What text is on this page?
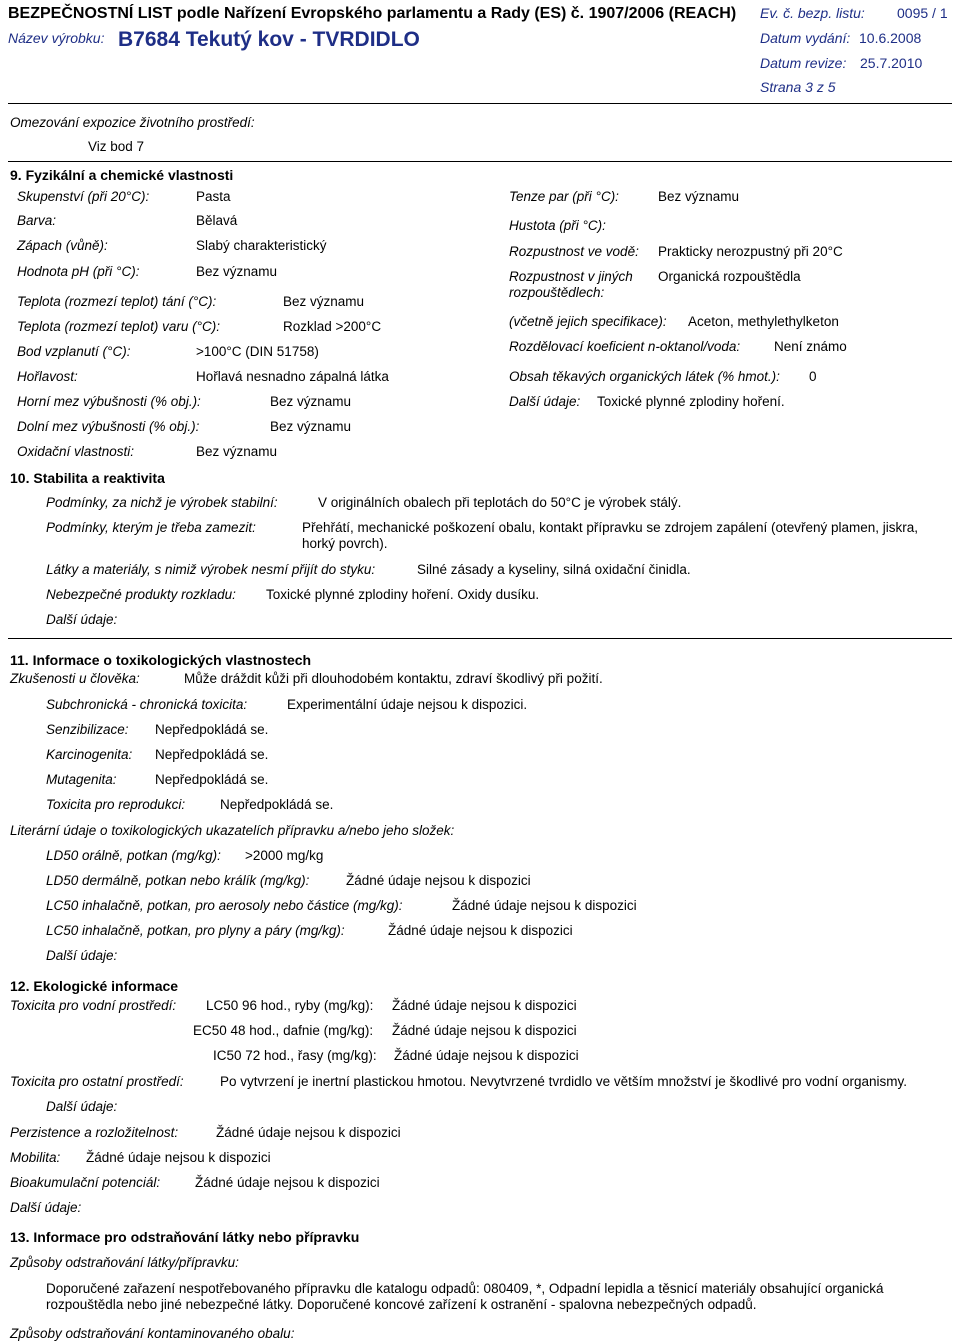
BEZPEČNOSTNÍ LIST podle Nařízení Evropského parlamentu a Rady (ES) č. 1907/2006 (REACH) Ev. č. bezp. listu: 0095 / 1
Název výrobku: B7684 Tekutý kov - TVRDIDLO	Datum vydání: 10.6.2008
Datum revize: 25.7.2010
Strana 3 z 5
Omezování expozice životního prostředí:
Viz bod 7
9. Fyzikální a chemické vlastnosti
Skupenství (při 20°C):	Pasta
Barva:	Bělavá
Zápach (vůně):	Slabý charakteristický
Hodnota pH (při °C):	Bez významu
Teplota (rozmezí teplot) tání (°C):	Bez významu
Teplota (rozmezí teplot) varu (°C):	Rozklad >200°C
Bod vzplanutí (°C):	>100°C (DIN 51758)
Hořlavost:	Hořlavá nesnadno zápalná látka
Horní mez výbušnosti (% obj.):	Bez významu
Dolní mez výbušnosti (% obj.):	Bez významu
Oxidační vlastnosti:	Bez významu
Tenze par (při °C):	Bez významu
Hustota (při °C):
Rozpustnost ve vodě: Prakticky nerozpustný při 20°C
Rozpustnost v jiných rozpouštědlech:
Organická rozpouštědla
(včetně jejich specifikace): Aceton, methylethylketon
Rozdělovací koeficient n-oktanol/voda:	Není známo
Obsah těkavých organických látek (% hmot.): 0
Další údaje: Toxické plynné zplodiny hoření.
10. Stabilita a reaktivita
Podmínky, za nichž je výrobek stabilní:	V originálních obalech při teplotách do 50°C je výrobek stálý.
Podmínky, kterým je třeba zamezit:	Přehřátí, mechanické poškození obalu, kontakt přípravku se zdrojem zapálení (otevřený plamen, jiskra, horký povrch).
Látky a materiály, s nimiž výrobek nesmí přijít do styku:	Silné zásady a kyseliny, silná oxidační činidla.
Nebezpečné produkty rozkladu: Toxické plynné zplodiny hoření. Oxidy dusíku.
Další údaje:
11. Informace o toxikologických vlastnostech
Zkušenosti u člověka:	Může dráždit kůži při dlouhodobém kontaktu, zdraví škodlivý při požití.
Subchronická - chronická toxicita:	Experimentální údaje nejsou k dispozici.
Senzibilizace: Nepředpokládá se.
Karcinogenita: Nepředpokládá se.
Mutagenita:	Nepředpokládá se.
Toxicita pro reprodukci:	Nepředpokládá se.
Literární údaje o toxikologických ukazatelích přípravku a/nebo jeho složek:
LD50 orálně, potkan (mg/kg): >2000 mg/kg
LD50 dermálně, potkan nebo králík (mg/kg):	Žádné údaje nejsou k dispozici
LC50 inhalačně, potkan, pro aerosoly nebo částice (mg/kg):	Žádné údaje nejsou k dispozici
LC50 inhalačně, potkan, pro plyny a páry (mg/kg):	Žádné údaje nejsou k dispozici
Další údaje:
12. Ekologické informace
Toxicita pro vodní prostředí: LC50 96 hod., ryby (mg/kg): Žádné údaje nejsou k dispozici
EC50 48 hod., dafnie (mg/kg): Žádné údaje nejsou k dispozici
IC50 72 hod., řasy (mg/kg): Žádné údaje nejsou k dispozici
Toxicita pro ostatní prostředí:	Po vytvrzení je inertní plastickou hmotou. Nevytvrzené tvrdidlo ve větším množství je škodlivé pro vodní organismy.
Další údaje:
Perzistence a rozložitelnost:	Žádné údaje nejsou k dispozici
Mobilita: Žádné údaje nejsou k dispozici
Bioakumulační potenciál:	Žádné údaje nejsou k dispozici
Další údaje:
13. Informace pro odstraňování látky nebo přípravku
Způsoby odstraňování látky/přípravku:
Doporučené zařazení nespotřebovaného přípravku dle katalogu odpadů: 080409, *, Odpadní lepidla a těsnicí materiály obsahující organická rozpouštědla nebo jiné nebezpečné látky. Doporučené koncové zařízení k ostranění - spalovna nebezpečných odpadů.
Způsoby odstraňování kontaminovaného obalu:
